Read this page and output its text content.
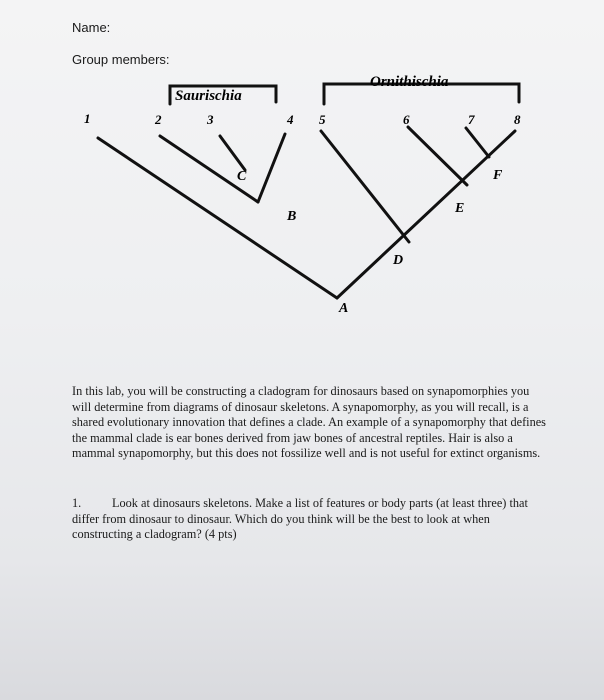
Name:
Group members:
Saurischia
Ornithischia
1	2	3	4 5	6	7	8
A
B
C
D
E
F
In this lab, you will be constructing a cladogram for dinosaurs based on synapomorphies you will determine from diagrams of dinosaur skeletons. A synapomorphy, as you will recall, is a shared evolutionary innovation that defines a clade. An example of a synapomorphy that defines the mammal clade is ear bones derived from jaw bones of ancestral reptiles. Hair is also a mammal synapomorphy, but this does not fossilize well and is not useful for extinct organisms.
1.	Look at dinosaurs skeletons. Make a list of features or body parts (at least three) that differ from dinosaur to dinosaur. Which do you think will be the best to look at when constructing a cladogram? (4 pts)
